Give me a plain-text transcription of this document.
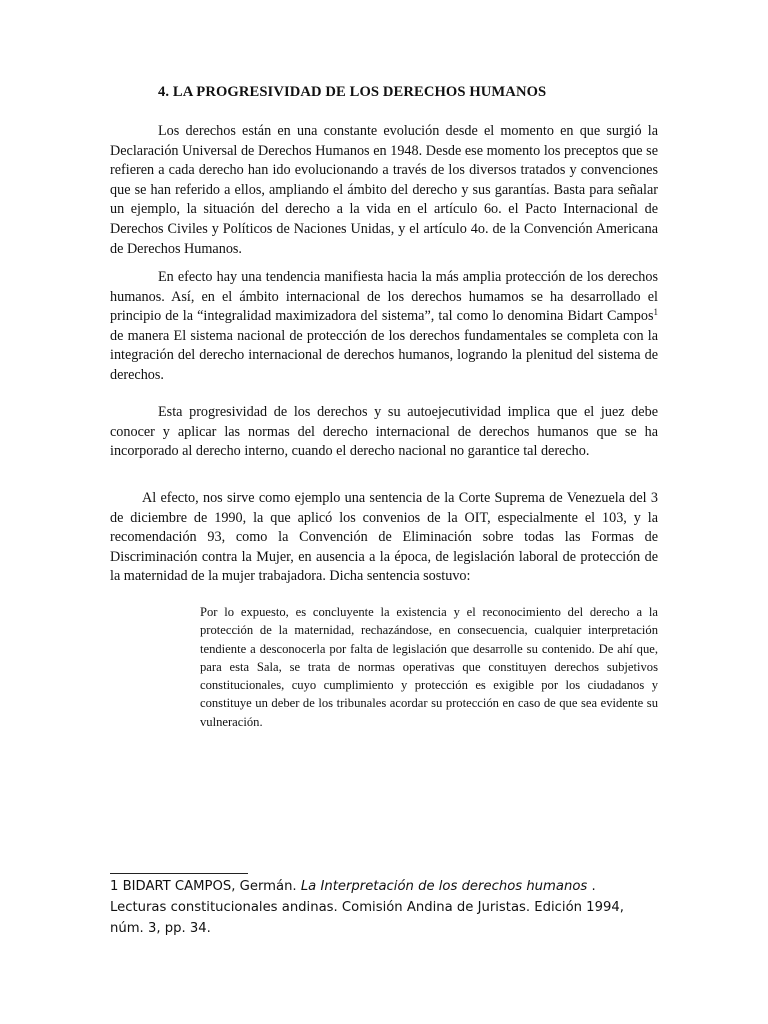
4. LA PROGRESIVIDAD DE LOS DERECHOS HUMANOS

Los derechos están en una constante evolución desde el momento en que surgió la Declaración Universal de Derechos Humanos en 1948. Desde ese momento los preceptos que se refieren a cada derecho han ido evolucionando a través de los diversos tratados y convenciones que se han referido a ellos, ampliando el ámbito del derecho y sus garantías. Basta para señalar un ejemplo, la situación del derecho a la vida en el artículo 6o. el Pacto Internacional de Derechos Civiles y Políticos de Naciones Unidas, y el artículo 4o. de la Convención Americana de Derechos Humanos.

En efecto hay una tendencia manifiesta hacia la más amplia protección de los derechos humanos. Así, en el ámbito internacional de los derechos humamos se ha desarrollado el principio de la “integralidad maximizadora del sistema”, tal como lo denomina Bidart Campos$^1$ de manera El sistema nacional de protección de los derechos fundamentales se completa con la integración del derecho internacional de derechos humanos, logrando la plenitud del sistema de derechos.

Esta progresividad de los derechos y su autoejecutividad implica que el juez debe conocer y aplicar las normas del derecho internacional de derechos humanos que se ha incorporado al derecho interno, cuando el derecho nacional no garantice tal derecho.

Al efecto, nos sirve como ejemplo una sentencia de la Corte Suprema de Venezuela del 3 de diciembre de 1990, la que aplicó los convenios de la OIT, especialmente el 103, y la recomendación 93, como la Convención de Eliminación sobre todas las Formas de Discriminación contra la Mujer, en ausencia a la época, de legislación laboral de protección de la maternidad de la mujer trabajadora. Dicha sentencia sostuvo:

Por lo expuesto, es concluyente la existencia y el reconocimiento del derecho a la protección de la maternidad, rechazándose, en consecuencia, cualquier interpretación tendiente a desconocerla por falta de legislación que desarrolle su contenido. De ahí que, para esta Sala, se trata de normas operativas que constituyen derechos subjetivos constitucionales, cuyo cumplimiento y protección es exigible por los ciudadanos y constituye un deber de los tribunales acordar su protección en caso de que sea evidente su vulneración.

1 BIDART CAMPOS, Germán. La Interpretación de los derechos humanos . Lecturas constitucionales andinas. Comisión Andina de Juristas. Edición 1994, núm. 3, pp. 34.
